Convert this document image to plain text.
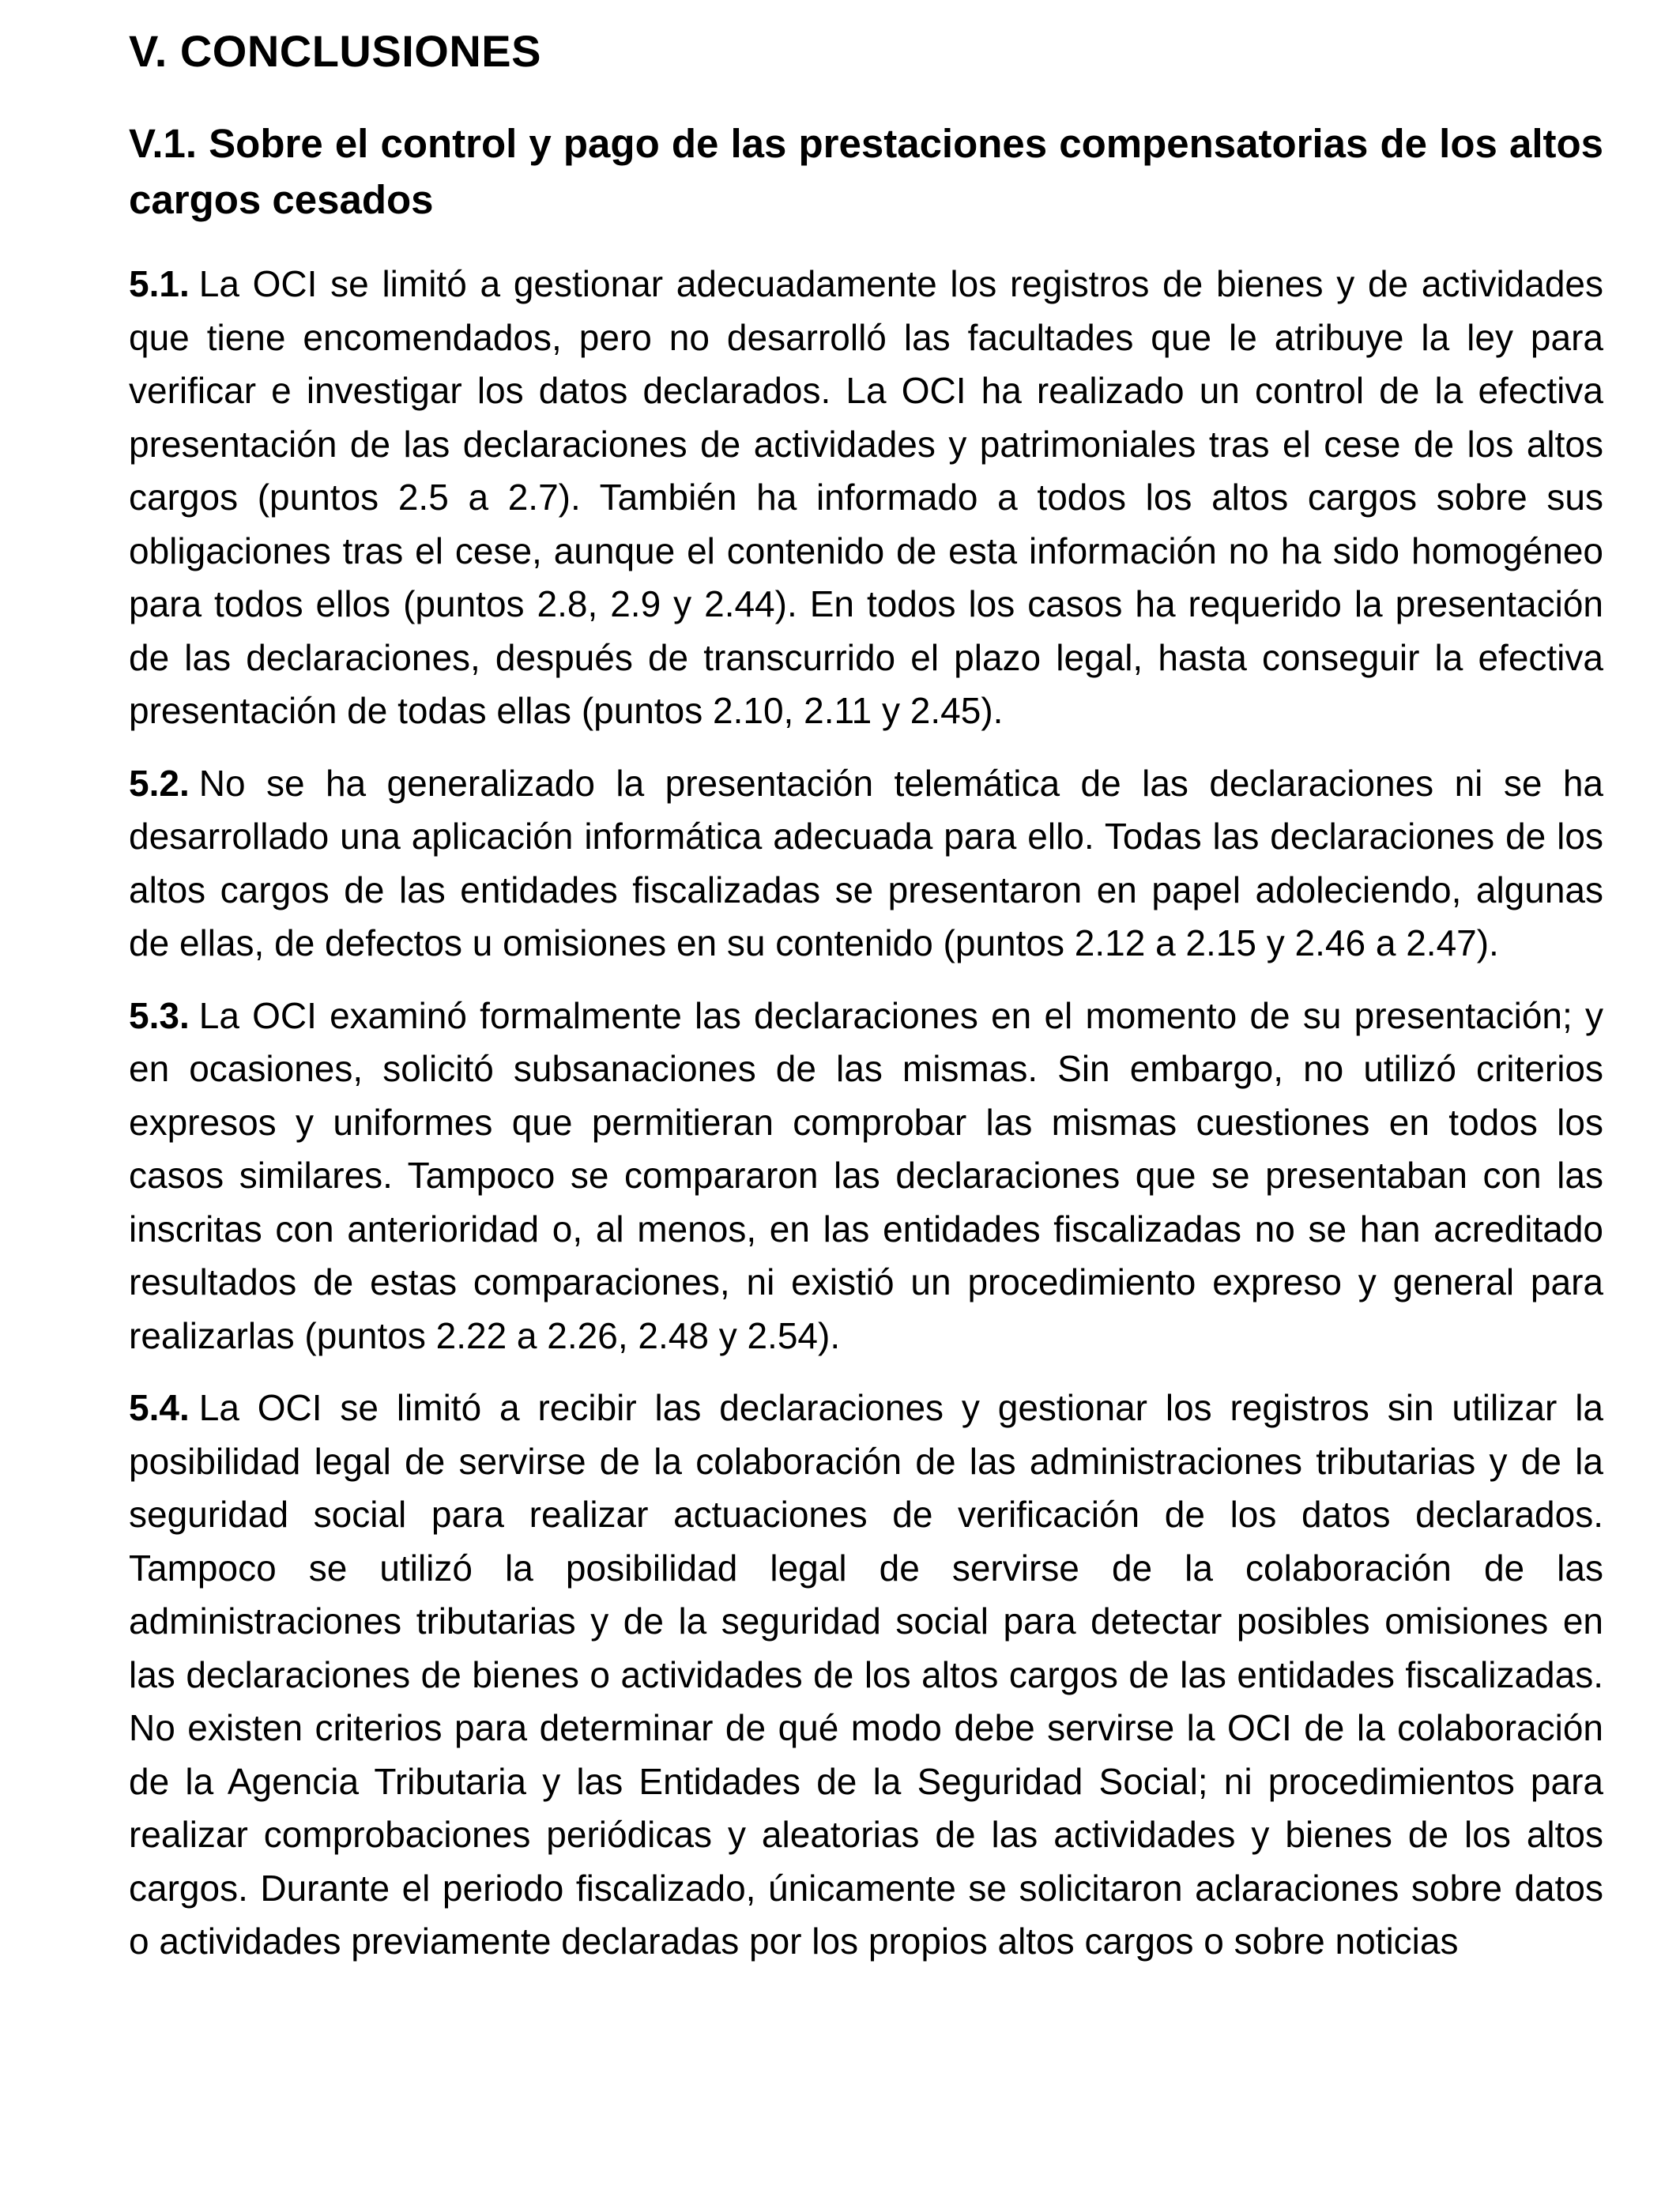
V. CONCLUSIONES
V.1. Sobre el control y pago de las prestaciones compensatorias de los altos cargos cesados

5.1. La OCI se limitó a gestionar adecuadamente los registros de bienes y de actividades que tiene encomendados, pero no desarrolló las facultades que le atribuye la ley para verificar e investigar los datos declarados. La OCI ha realizado un control de la efectiva presentación de las declaraciones de actividades y patrimoniales tras el cese de los altos cargos (puntos 2.5 a 2.7). También ha informado a todos los altos cargos sobre sus obligaciones tras el cese, aunque el contenido de esta información no ha sido homogéneo para todos ellos (puntos 2.8, 2.9 y 2.44). En todos los casos ha requerido la presentación de las declaraciones, después de transcurrido el plazo legal, hasta conseguir la efectiva presentación de todas ellas (puntos 2.10, 2.11 y 2.45).

5.2. No se ha generalizado la presentación telemática de las declaraciones ni se ha desarrollado una aplicación informática adecuada para ello. Todas las declaraciones de los altos cargos de las entidades fiscalizadas se presentaron en papel adoleciendo, algunas de ellas, de defectos u omisiones en su contenido (puntos 2.12 a 2.15 y 2.46 a 2.47).

5.3. La OCI examinó formalmente las declaraciones en el momento de su presentación; y en ocasiones, solicitó subsanaciones de las mismas. Sin embargo, no utilizó criterios expresos y uniformes que permitieran comprobar las mismas cuestiones en todos los casos similares. Tampoco se compararon las declaraciones que se presentaban con las inscritas con anterioridad o, al menos, en las entidades fiscalizadas no se han acreditado resultados de estas comparaciones, ni existió un procedimiento expreso y general para realizarlas (puntos 2.22 a 2.26, 2.48 y 2.54).

5.4. La OCI se limitó a recibir las declaraciones y gestionar los registros sin utilizar la posibilidad legal de servirse de la colaboración de las administraciones tributarias y de la seguridad social para realizar actuaciones de verificación de los datos declarados. Tampoco se utilizó la posibilidad legal de servirse de la colaboración de las administraciones tributarias y de la seguridad social para detectar posibles omisiones en las declaraciones de bienes o actividades de los altos cargos de las entidades fiscalizadas. No existen criterios para determinar de qué modo debe servirse la OCI de la colaboración de la Agencia Tributaria y las Entidades de la Seguridad Social; ni procedimientos para realizar comprobaciones periódicas y aleatorias de las actividades y bienes de los altos cargos. Durante el periodo fiscalizado, únicamente se solicitaron aclaraciones sobre datos o actividades previamente declaradas por los propios altos cargos o sobre noticias
